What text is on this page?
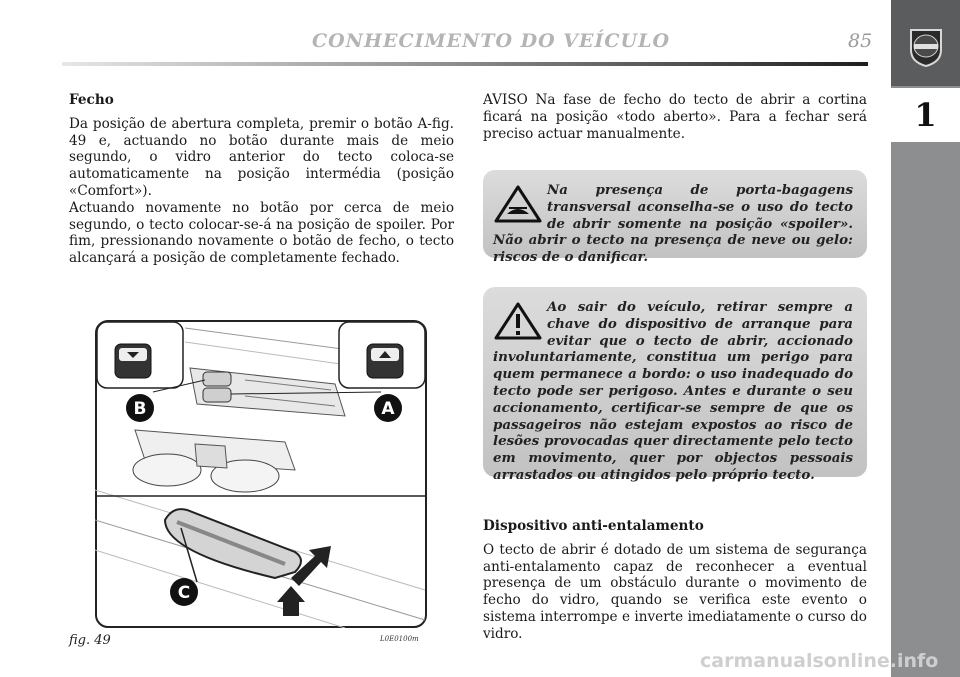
CONHECIMENTO DO VEÍCULO	85
1
Fecho
Da posição de abertura completa, premir o botão A-fig. 49 e, actuando no botão durante mais de meio segundo, o vidro anterior do tecto coloca-se automaticamente na posição intermédia (posição «Comfort»).
Actuando novamente no botão por cerca de meio segundo, o tecto colocar-se-á na posição de spoiler. Por fim, pressionando novamente o botão de fecho, o tecto alcançará a posição de completamente fechado.
AVISO Na fase de fecho do tecto de abrir a cortina ficará na posição «todo aberto». Para a fechar será preciso actuar manualmente.
Na presença de porta-bagagens transversal aconselha-se o uso do tecto de abrir somente na posição «spoiler». Não abrir o tecto na presença de neve ou gelo: riscos de o danificar.
Ao sair do veículo, retirar sempre a chave do dispositivo de arranque para evitar que o tecto de abrir, accionado involuntariamente, constitua um perigo para quem permanece a bordo: o uso inadequado do tecto pode ser perigoso. Antes e durante o seu accionamento, certificar-se sempre de que os passageiros não estejam expostos ao risco de lesões provocadas quer directamente pelo tecto em movimento, quer por objectos pessoais arrastados ou atingidos pelo próprio tecto.
Dispositivo anti-entalamento
O tecto de abrir é dotado de um sistema de segurança anti-entalamento capaz de reconhecer a eventual presença de um obstáculo durante o movimento de fecho do vidro, quando se verifica este evento o sistema interrompe e inverte imediatamente o curso do vidro.
B	A
C
fig. 49	L0E0100m
carmanualsonline.info
